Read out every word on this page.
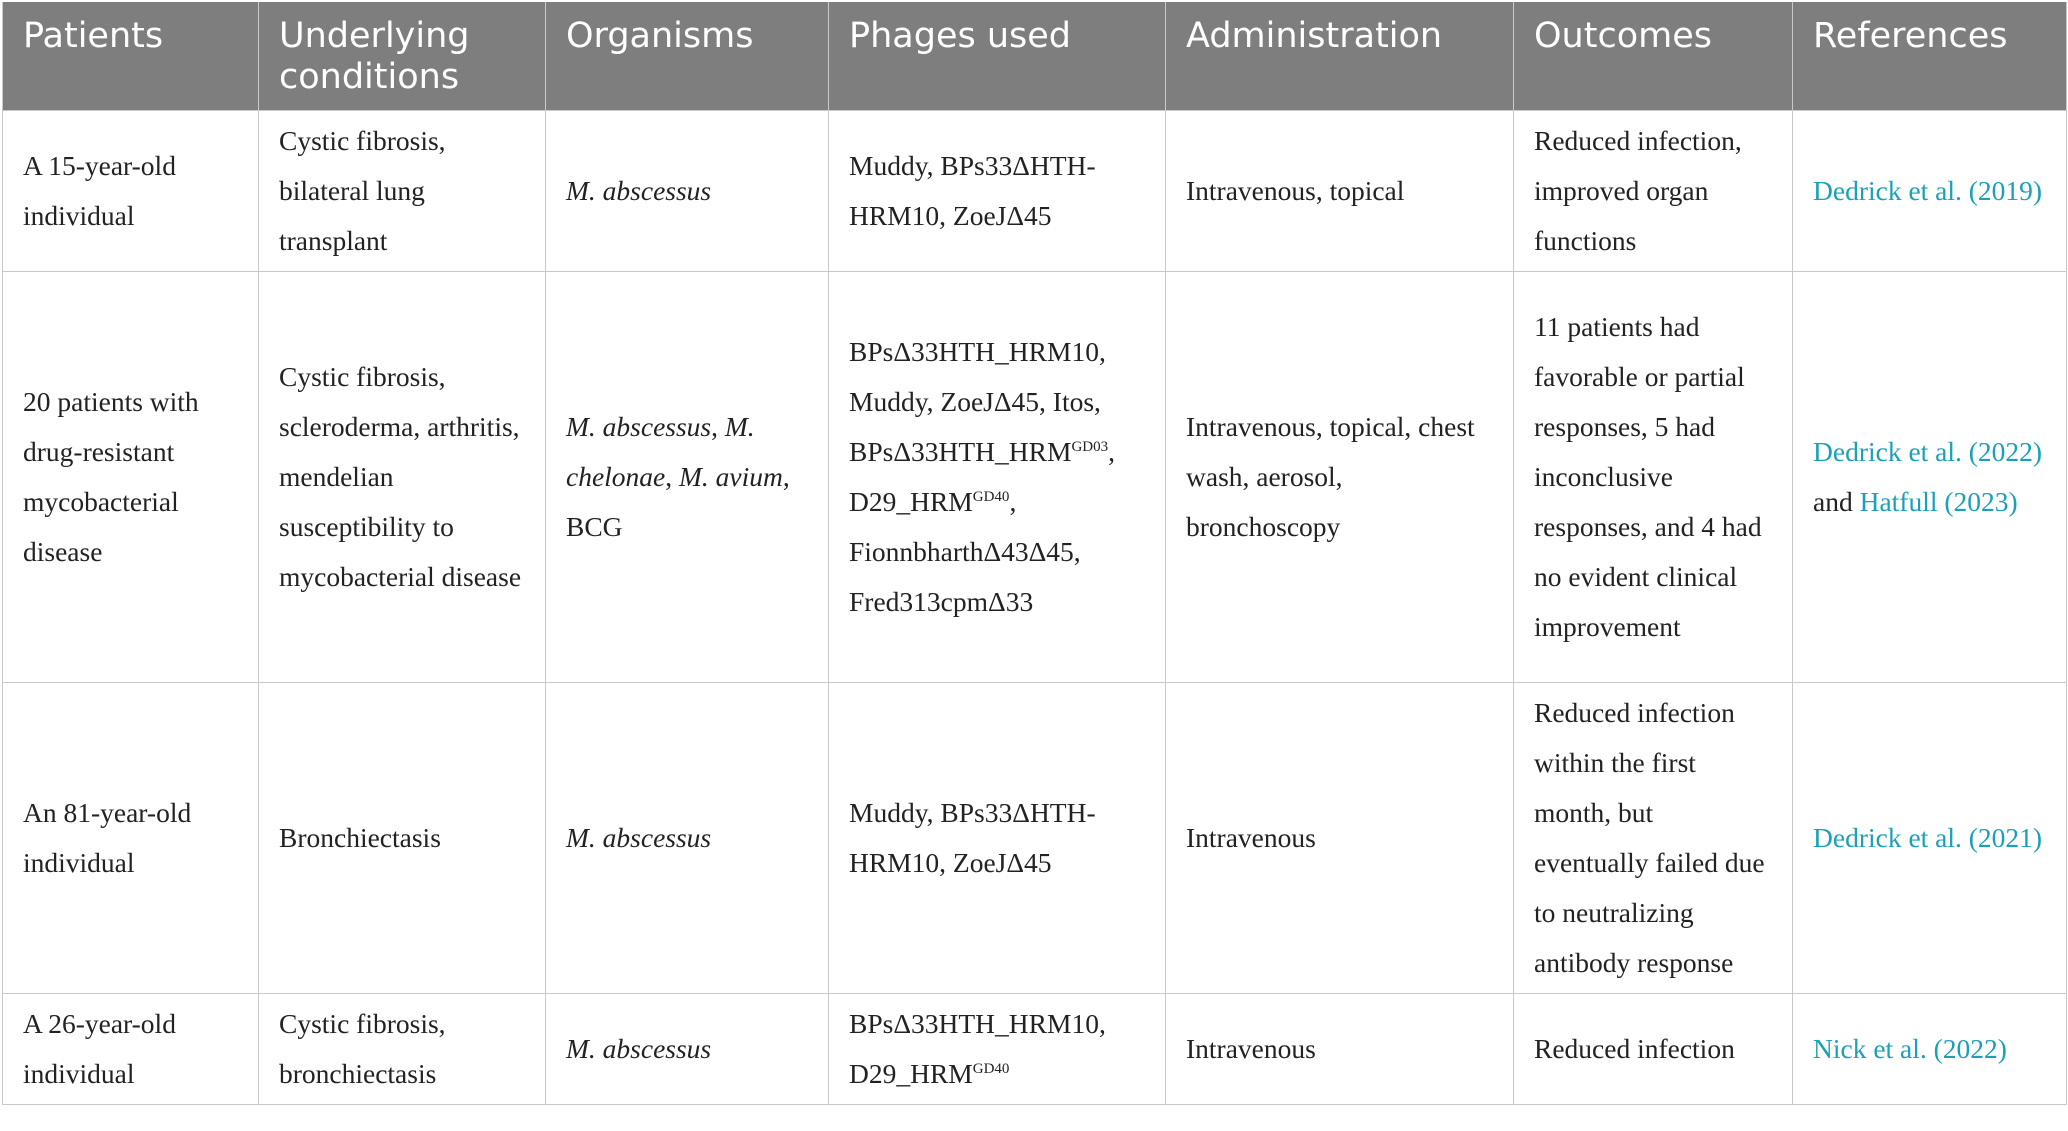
Patients	Underlying conditions	Organisms	Phages used	Administration	Outcomes	References
A 15-year-old individual	Cystic fibrosis, bilateral lung transplant	M. abscessus	Muddy, BPs33ΔHTH-HRM10, ZoeJΔ45	Intravenous, topical	Reduced infection, improved organ functions	Dedrick et al. (2019)
20 patients with drug-resistant mycobacterial disease	Cystic fibrosis, scleroderma, arthritis, mendelian susceptibility to mycobacterial disease	M. abscessus, M. chelonae, M. avium, BCG	BPsΔ33HTH_HRM10, Muddy, ZoeJΔ45, Itos, $BPs\Delta 33HTH\_HRM^{GD03}$, $D29\_HRM^{GD40}$, FionnbharthΔ43Δ45, Fred313cpmΔ33	Intravenous, topical, chest wash, aerosol, bronchoscopy	11 patients had favorable or partial responses, 5 had inconclusive responses, and 4 had no evident clinical improvement	Dedrick et al. (2022) and Hatfull (2023)
An 81-year-old individual	Bronchiectasis	M. abscessus	Muddy, BPs33ΔHTH-HRM10, ZoeJΔ45	Intravenous	Reduced infection within the first month, but eventually failed due to neutralizing antibody response	Dedrick et al. (2021)
A 26-year-old individual	Cystic fibrosis, bronchiectasis	M. abscessus	BPsΔ33HTH_HRM10, $D29\_HRM^{GD40}$	Intravenous	Reduced infection	Nick et al. (2022)
